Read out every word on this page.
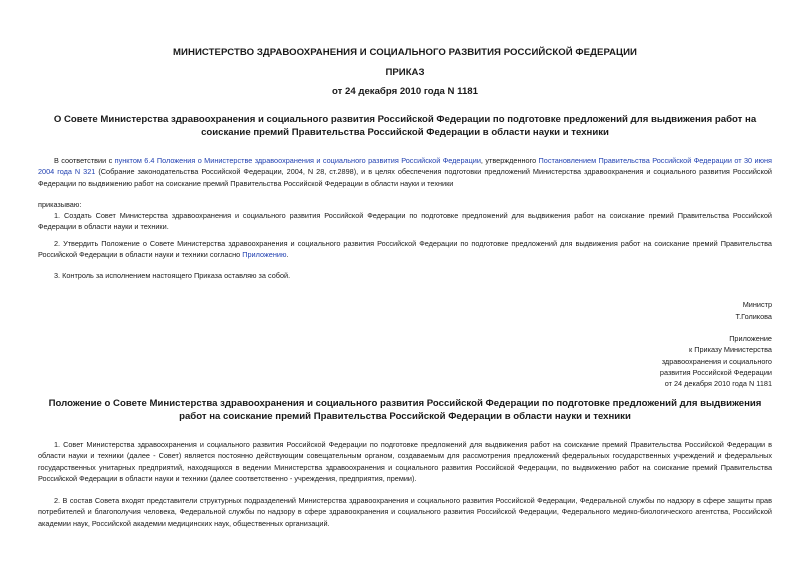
МИНИСТЕРСТВО ЗДРАВООХРАНЕНИЯ И СОЦИАЛЬНОГО РАЗВИТИЯ РОССИЙСКОЙ ФЕДЕРАЦИИ
ПРИКАЗ
от 24 декабря 2010 года N 1181
О Совете Министерства здравоохранения и социального развития Российской Федерации по подготовке предложений для выдвижения работ на соискание премий Правительства Российской Федерации в области науки и техники
В соответствии с пунктом 6.4 Положения о Министерстве здравоохранения и социального развития Российской Федерации, утвержденного Постановлением Правительства Российской Федерации от 30 июня 2004 года N 321 (Собрание законодательства Российской Федерации, 2004, N 28, ст.2898), и в целях обеспечения подготовки предложений Министерства здравоохранения и социального развития Российской Федерации по выдвижению работ на соискание премий Правительства Российской Федерации в области науки и техники
приказываю:
1. Создать Совет Министерства здравоохранения и социального развития Российской Федерации по подготовке предложений для выдвижения работ на соискание премий Правительства Российской Федерации в области науки и техники.
2. Утвердить Положение о Совете Министерства здравоохранения и социального развития Российской Федерации по подготовке предложений для выдвижения работ на соискание премий Правительства Российской Федерации в области науки и техники согласно Приложению.
3. Контроль за исполнением настоящего Приказа оставляю за собой.
Министр
Т.Голикова
Приложение
к Приказу Министерства
здравоохранения и социального
развития Российской Федерации
от 24 декабря 2010 года N 1181
Положение о Совете Министерства здравоохранения и социального развития Российской Федерации по подготовке предложений для выдвижения работ на соискание премий Правительства Российской Федерации в области науки и техники
1. Совет Министерства здравоохранения и социального развития Российской Федерации по подготовке предложений для выдвижения работ на соискание премий Правительства Российской Федерации в области науки и техники (далее - Совет) является постоянно действующим совещательным органом, создаваемым для рассмотрения предложений федеральных государственных учреждений и федеральных государственных унитарных предприятий, находящихся в ведении Министерства здравоохранения и социального развития Российской Федерации, по выдвижению работ на соискание премий Правительства Российской Федерации в области науки и техники (далее соответственно - учреждения, предприятия, премии).
2. В состав Совета входят представители структурных подразделений Министерства здравоохранения и социального развития Российской Федерации, Федеральной службы по надзору в сфере защиты прав потребителей и благополучия человека, Федеральной службы по надзору в сфере здравоохранения и социального развития Российской Федерации, Федерального медико-биологического агентства, Российской академии наук, Российской академии медицинских наук, общественных организаций.
